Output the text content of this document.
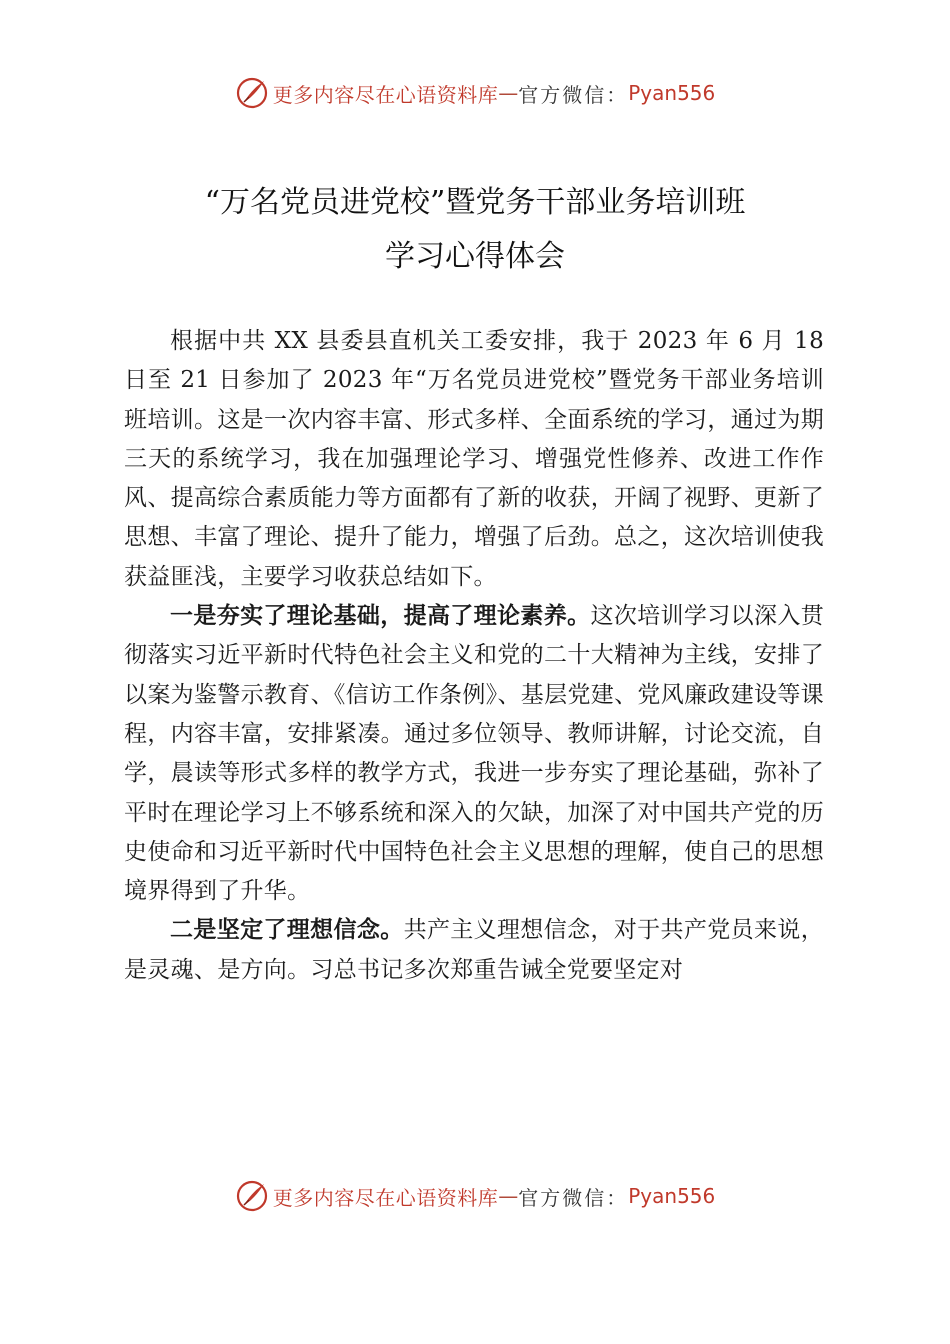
更多内容尽在心语资料库 — 官方微信： Pyan556
“万名党员进党校”暨党务干部业务培训班
学习心得体会

根据中共 XX 县委县直机关工委安排，我于 2023 年 6 月 18 日至 21 日参加了 2023 年“万名党员进党校”暨党务干部业务培训班培训。这是一次内容丰富、形式多样、全面系统的学习，通过为期三天的系统学习，我在加强理论学习、增强党性修养、改进工作作风、提高综合素质能力等方面都有了新的收获，开阔了视野、更新了思想、丰富了理论、提升了能力，增强了后劲。总之，这次培训使我获益匪浅，主要学习收获总结如下。

一是夯实了理论基础，提高了理论素养。这次培训学习以深入贯彻落实习近平新时代特色社会主义和党的二十大精神为主线，安排了以案为鉴警示教育、《信访工作条例》、基层党建、党风廉政建设等课程，内容丰富，安排紧凑。通过多位领导、教师讲解，讨论交流，自学，晨读等形式多样的教学方式，我进一步夯实了理论基础，弥补了平时在理论学习上不够系统和深入的欠缺，加深了对中国共产党的历史使命和习近平新时代中国特色社会主义思想的理解，使自己的思想境界得到了升华。

二是坚定了理想信念。共产主义理想信念，对于共产党员来说，是灵魂、是方向。习总书记多次郑重告诫全党要坚定对

更多内容尽在心语资料库 — 官方微信： Pyan556
